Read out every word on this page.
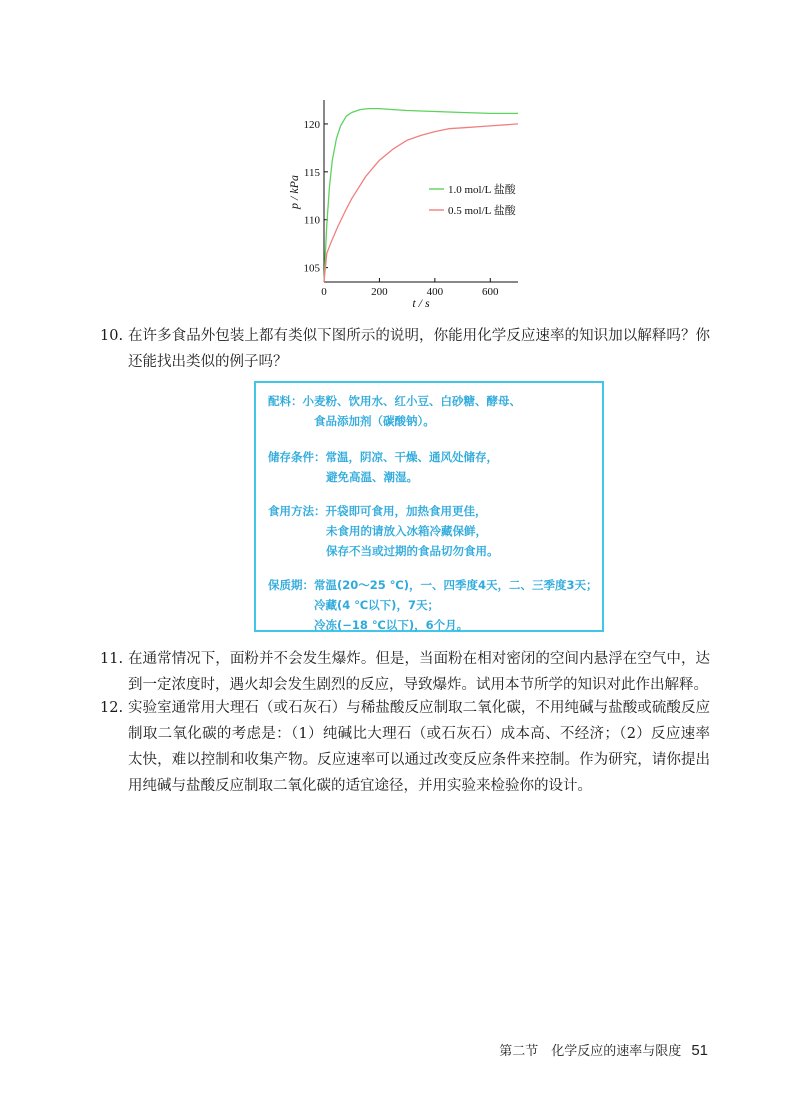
105
110
115
120
0	200	400	600
p / kPa
t / s
1.0 mol/L 盐酸
0.5 mol/L 盐酸
10. 在许多食品外包装上都有类似下图所示的说明，你能用化学反应速率的知识加以解释吗？你还能找出类似的例子吗？
配料：小麦粉、饮用水、红小豆、白砂糖、酵母、
食品添加剂（碳酸钠）。
储存条件：常温，阴凉、干燥、通风处储存，
避免高温、潮湿。
食用方法：开袋即可食用，加热食用更佳，
未食用的请放入冰箱冷藏保鲜，
保存不当或过期的食品切勿食用。
保质期：常温(20～25 ℃)，一、四季度4天，二、三季度3天；
冷藏(4 ℃以下)，7天；
冷冻(−18 ℃以下)，6个月。
11. 在通常情况下，面粉并不会发生爆炸。但是，当面粉在相对密闭的空间内悬浮在空气中，达到一定浓度时，遇火却会发生剧烈的反应，导致爆炸。试用本节所学的知识对此作出解释。
12. 实验室通常用大理石（或石灰石）与稀盐酸反应制取二氧化碳，不用纯碱与盐酸或硫酸反应制取二氧化碳的考虑是：（1）纯碱比大理石（或石灰石）成本高、不经济；（2）反应速率太快，难以控制和收集产物。反应速率可以通过改变反应条件来控制。作为研究，请你提出用纯碱与盐酸反应制取二氧化碳的适宜途径，并用实验来检验你的设计。
第二节　化学反应的速率与限度 51
